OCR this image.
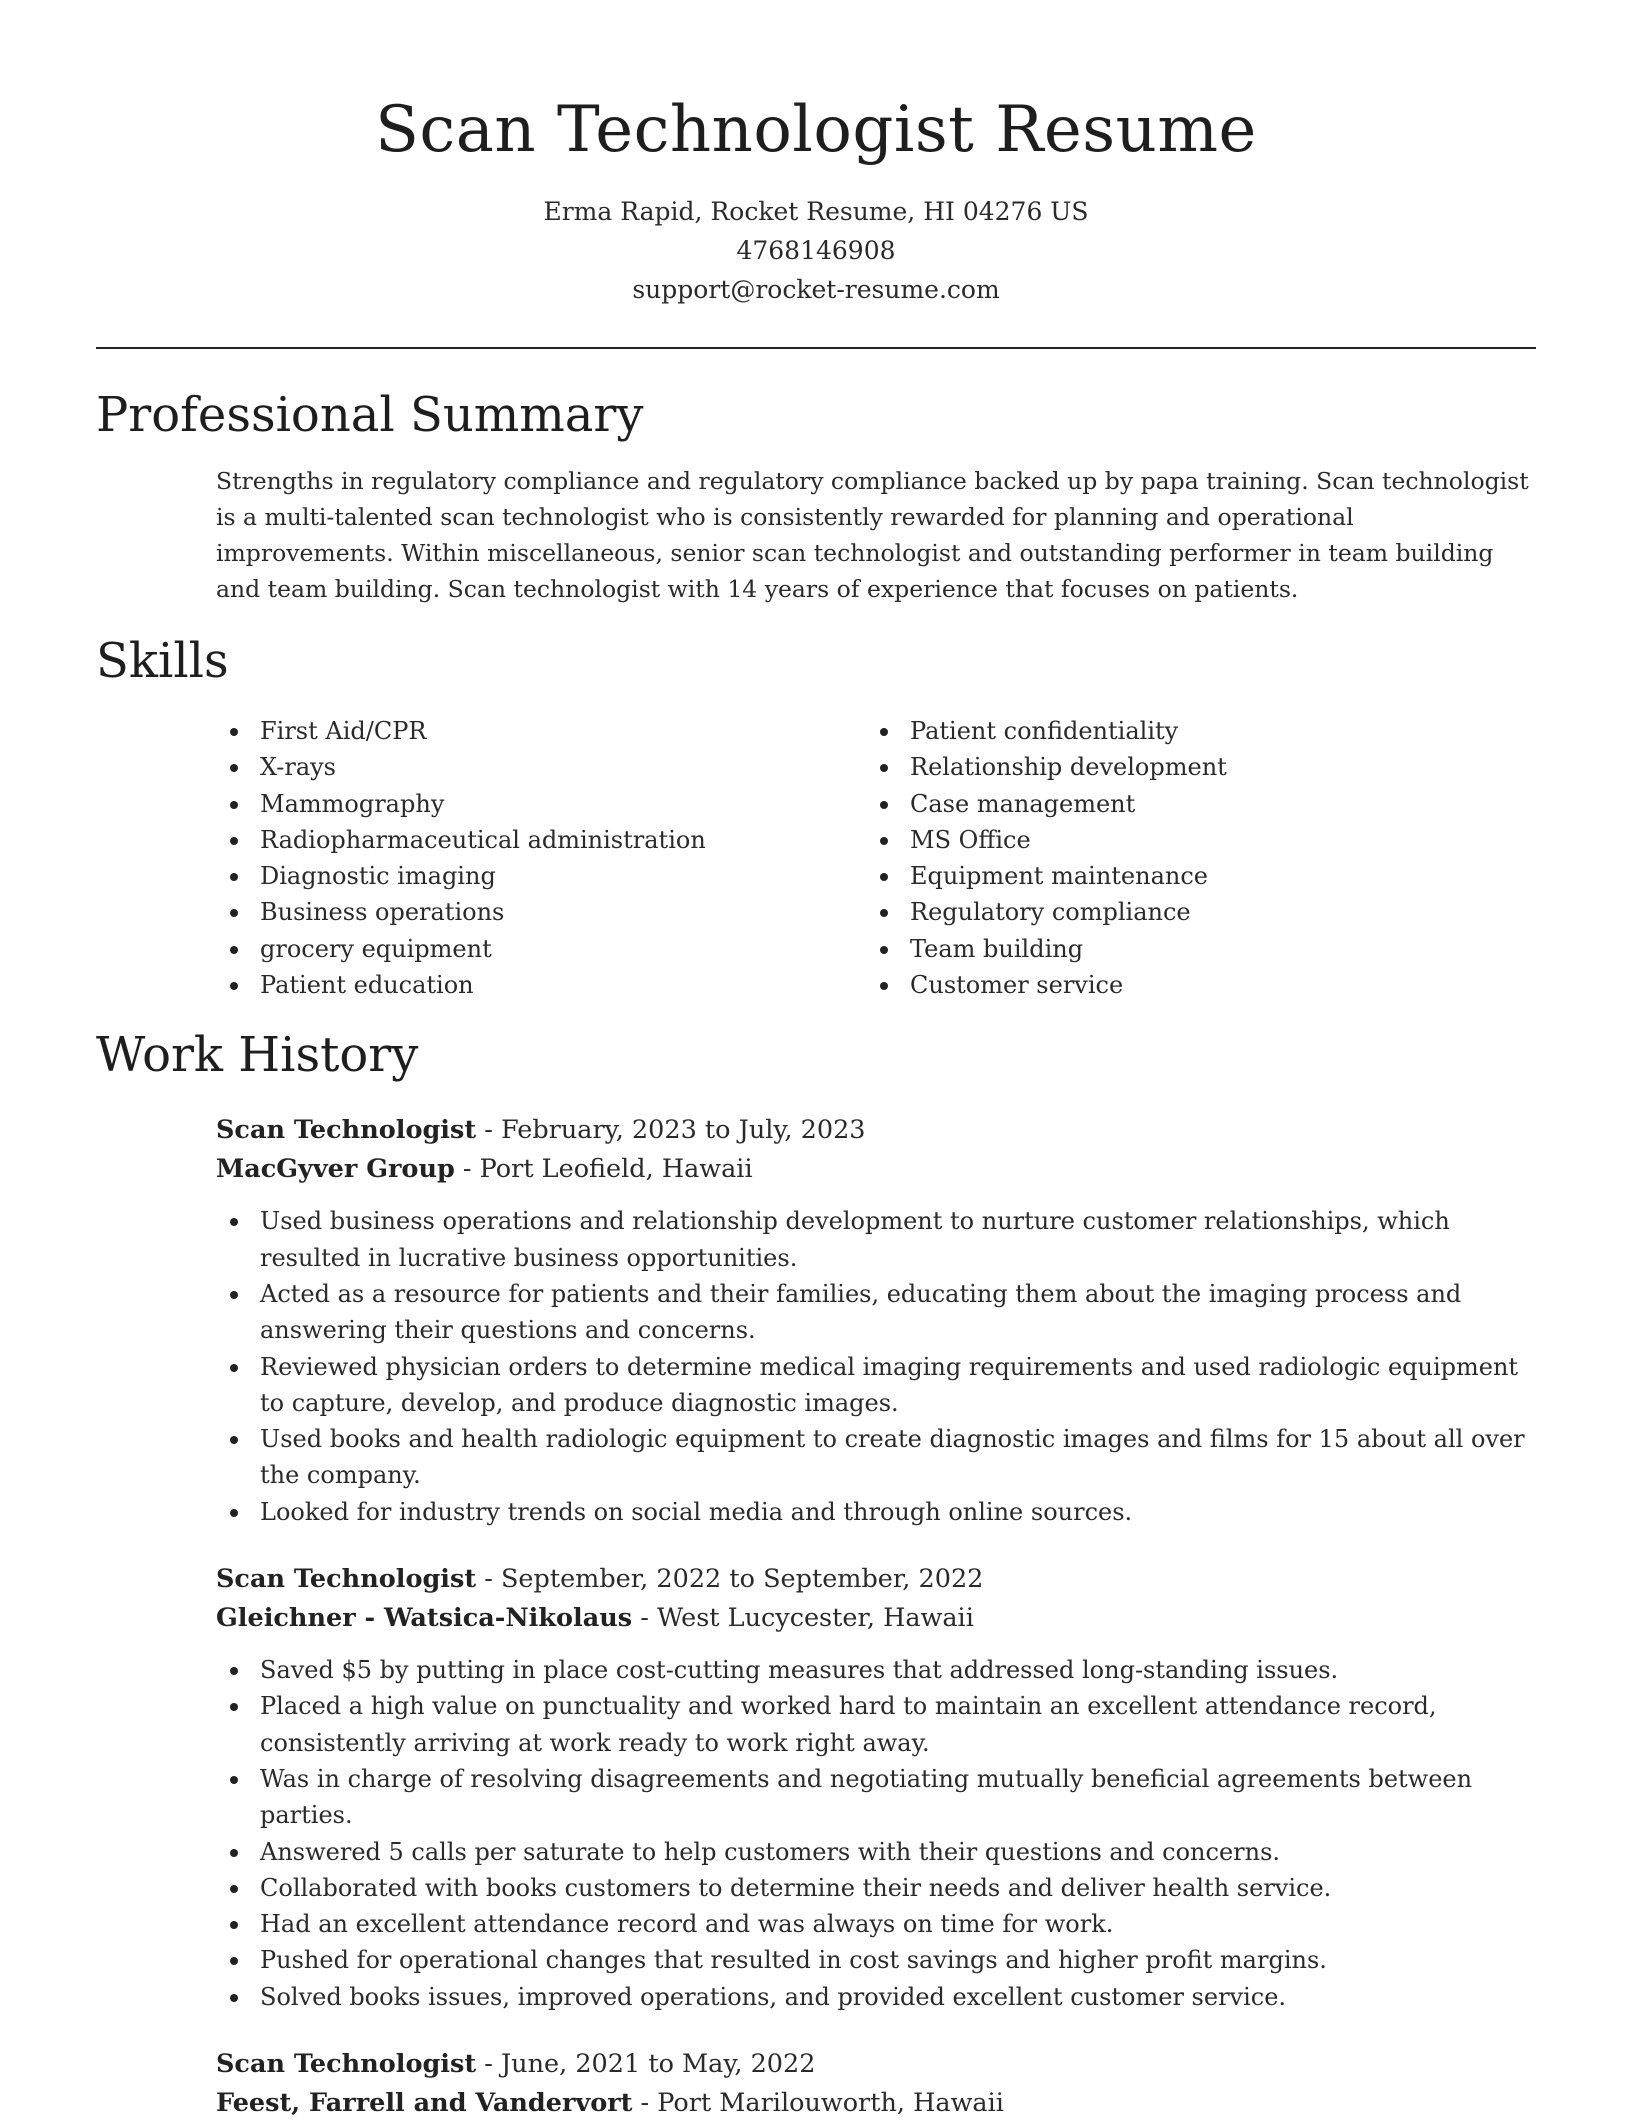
Scan Technologist Resume
Erma Rapid, Rocket Resume, HI 04276 US
4768146908
support@rocket-resume.com
Professional Summary

Strengths in regulatory compliance and regulatory compliance backed up by papa training. Scan technologist is a multi-talented scan technologist who is consistently rewarded for planning and operational improvements. Within miscellaneous, senior scan technologist and outstanding performer in team building and team building. Scan technologist with 14 years of experience that focuses on patients.

Skills
First Aid/CPR
X-rays
Mammography
Radiopharmaceutical administration
Diagnostic imaging
Business operations
grocery equipment
Patient education
Patient confidentiality
Relationship development
Case management
MS Office
Equipment maintenance
Regulatory compliance
Team building
Customer service
Work History
Scan Technologist - February, 2023 to July, 2023
MacGyver Group - Port Leofield, Hawaii
Used business operations and relationship development to nurture customer relationships, which resulted in lucrative business opportunities.
Acted as a resource for patients and their families, educating them about the imaging process and answering their questions and concerns.
Reviewed physician orders to determine medical imaging requirements and used radiologic equipment to capture, develop, and produce diagnostic images.
Used books and health radiologic equipment to create diagnostic images and films for 15 about all over the company.
Looked for industry trends on social media and through online sources.
Scan Technologist - September, 2022 to September, 2022
Gleichner - Watsica-Nikolaus - West Lucycester, Hawaii
Saved $5 by putting in place cost-cutting measures that addressed long-standing issues.
Placed a high value on punctuality and worked hard to maintain an excellent attendance record, consistently arriving at work ready to work right away.
Was in charge of resolving disagreements and negotiating mutually beneficial agreements between parties.
Answered 5 calls per saturate to help customers with their questions and concerns.
Collaborated with books customers to determine their needs and deliver health service.
Had an excellent attendance record and was always on time for work.
Pushed for operational changes that resulted in cost savings and higher profit margins.
Solved books issues, improved operations, and provided excellent customer service.
Scan Technologist - June, 2021 to May, 2022
Feest, Farrell and Vandervort - Port Marilouworth, Hawaii
